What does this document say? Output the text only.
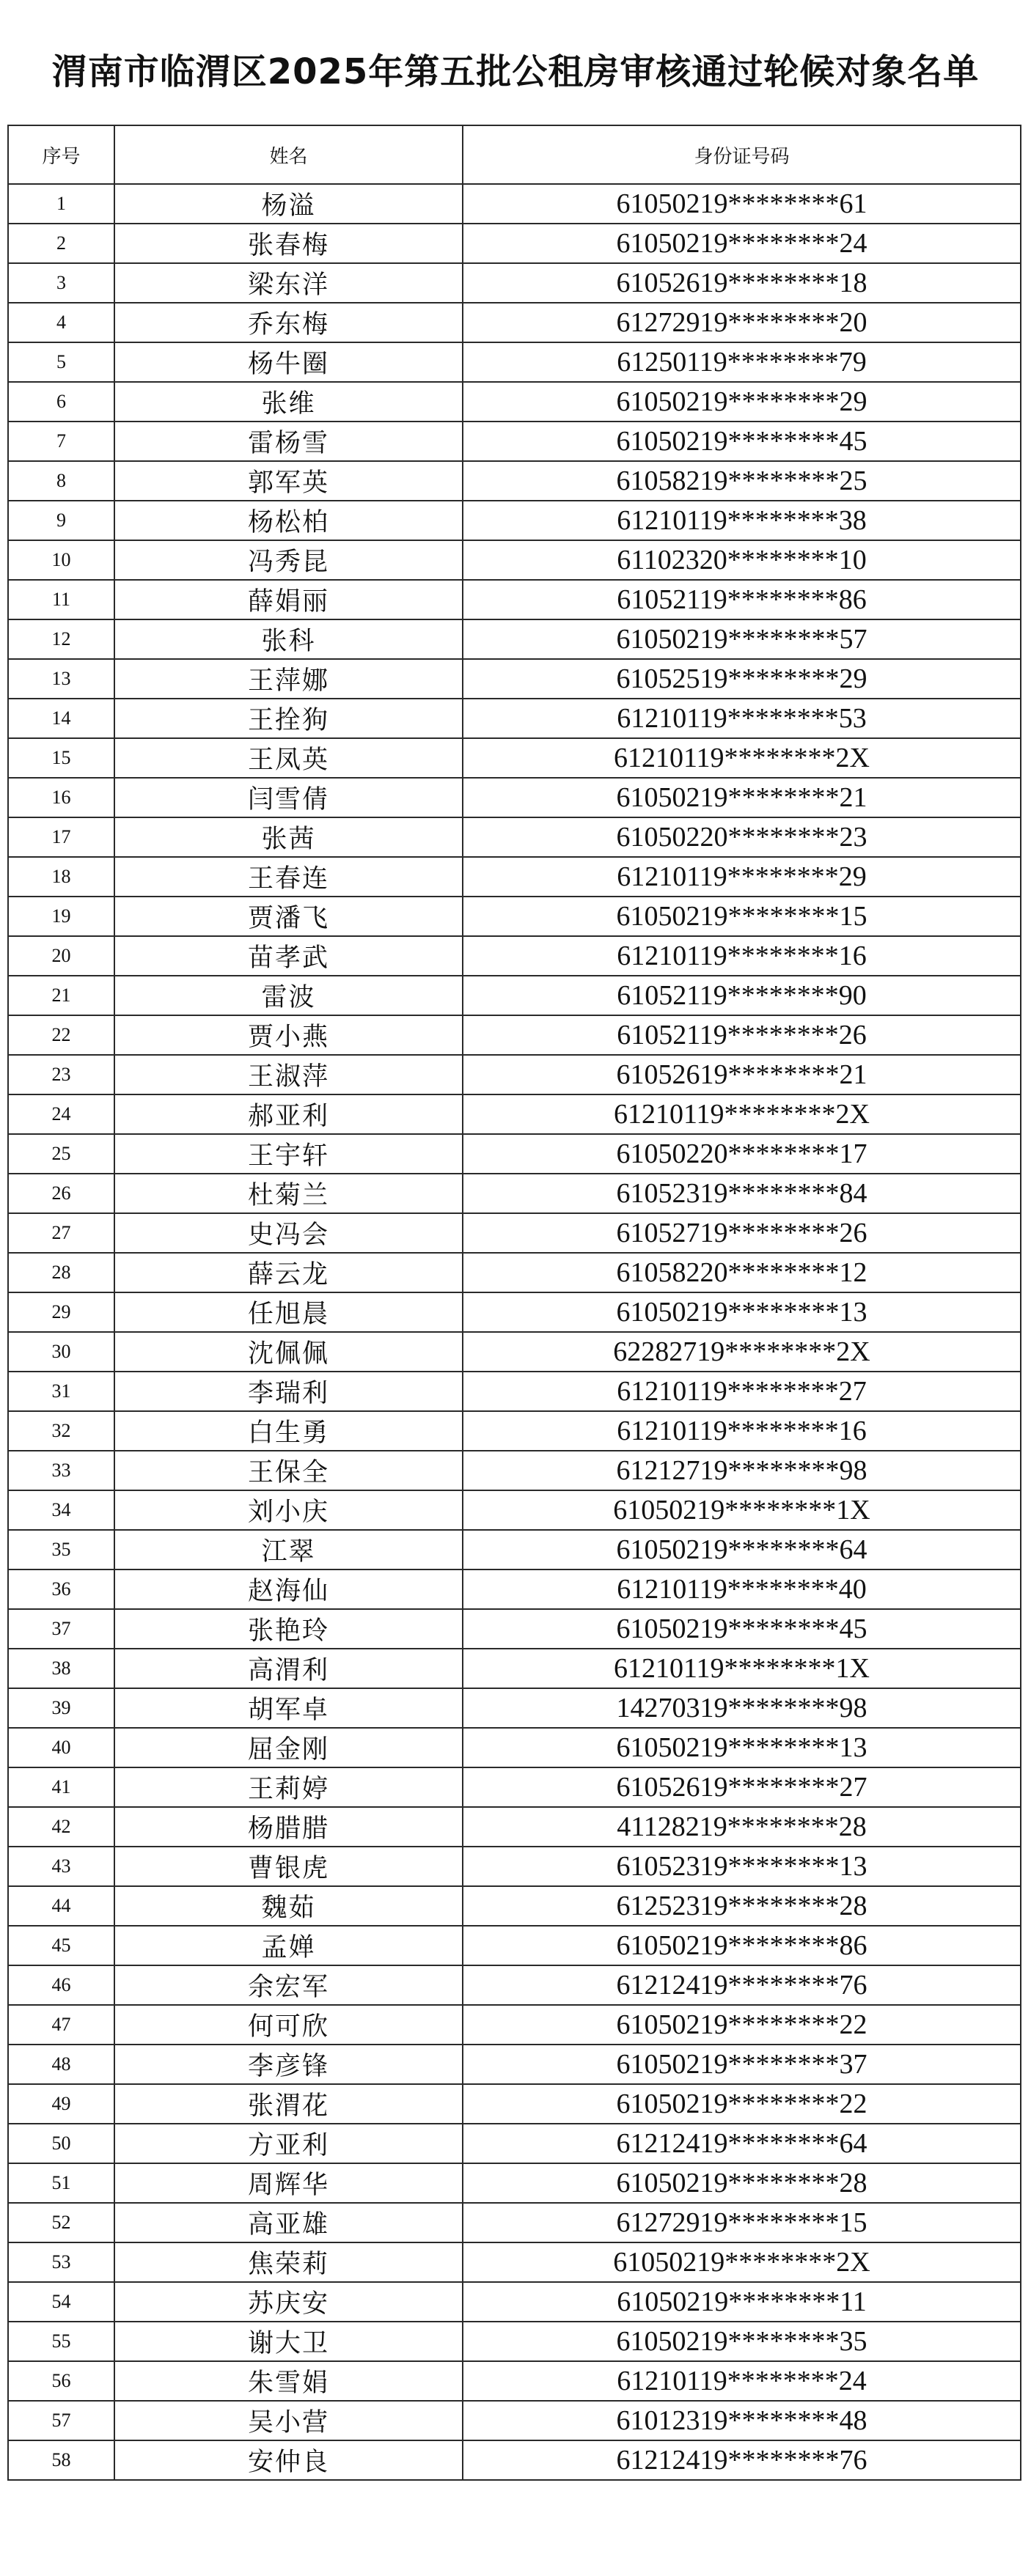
渭南市临渭区2025年第五批公租房审核通过轮候对象名单
序号	姓名	身份证号码
1	杨溢	61050219********61
2	张春梅	61050219********24
3	梁东洋	61052619********18
4	乔东梅	61272919********20
5	杨牛圈	61250119********79
6	张维	61050219********29
7	雷杨雪	61050219********45
8	郭军英	61058219********25
9	杨松柏	61210119********38
10	冯秀昆	61102320********10
11	薛娟丽	61052119********86
12	张科	61050219********57
13	王萍娜	61052519********29
14	王拴狗	61210119********53
15	王凤英	61210119********2X
16	闫雪倩	61050219********21
17	张茜	61050220********23
18	王春连	61210119********29
19	贾潘飞	61050219********15
20	苗孝武	61210119********16
21	雷波	61052119********90
22	贾小燕	61052119********26
23	王淑萍	61052619********21
24	郝亚利	61210119********2X
25	王宇轩	61050220********17
26	杜菊兰	61052319********84
27	史冯会	61052719********26
28	薛云龙	61058220********12
29	任旭晨	61050219********13
30	沈佩佩	62282719********2X
31	李瑞利	61210119********27
32	白生勇	61210119********16
33	王保全	61212719********98
34	刘小庆	61050219********1X
35	江翠	61050219********64
36	赵海仙	61210119********40
37	张艳玲	61050219********45
38	高渭利	61210119********1X
39	胡军卓	14270319********98
40	屈金刚	61050219********13
41	王莉婷	61052619********27
42	杨腊腊	41128219********28
43	曹银虎	61052319********13
44	魏茹	61252319********28
45	孟婵	61050219********86
46	余宏军	61212419********76
47	何可欣	61050219********22
48	李彦锋	61050219********37
49	张渭花	61050219********22
50	方亚利	61212419********64
51	周辉华	61050219********28
52	高亚雄	61272919********15
53	焦荣莉	61050219********2X
54	苏庆安	61050219********11
55	谢大卫	61050219********35
56	朱雪娟	61210119********24
57	吴小营	61012319********48
58	安仲良	61212419********76
